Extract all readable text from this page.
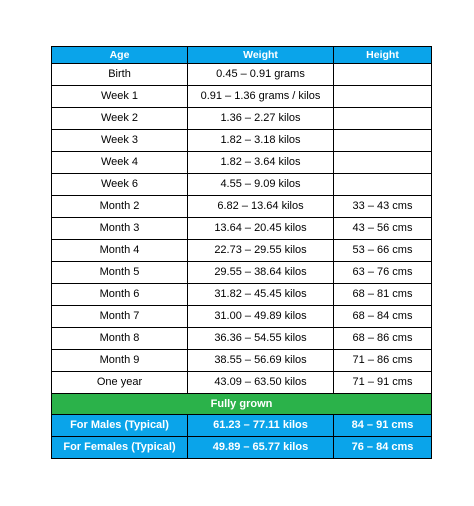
Age	Weight	Height
Birth	0.45 – 0.91 grams	
Week 1	0.91 – 1.36 grams / kilos	
Week 2	1.36 – 2.27 kilos	
Week 3	1.82 – 3.18 kilos	
Week 4	1.82 – 3.64 kilos	
Week 6	4.55 – 9.09 kilos	
Month 2	6.82 – 13.64 kilos	33 – 43 cms
Month 3	13.64 – 20.45 kilos	43 – 56 cms
Month 4	22.73 – 29.55 kilos	53 – 66 cms
Month 5	29.55 – 38.64 kilos	63 – 76 cms
Month 6	31.82 – 45.45 kilos	68 – 81 cms
Month 7	31.00 – 49.89 kilos	68 – 84 cms
Month 8	36.36 – 54.55 kilos	68 – 86 cms
Month 9	38.55 – 56.69 kilos	71 – 86 cms
One year	43.09 – 63.50 kilos	71 – 91 cms
Fully grown		
For Males (Typical)	61.23 – 77.11 kilos	84 – 91 cms
For Females (Typical)	49.89 – 65.77 kilos	76 – 84 cms
